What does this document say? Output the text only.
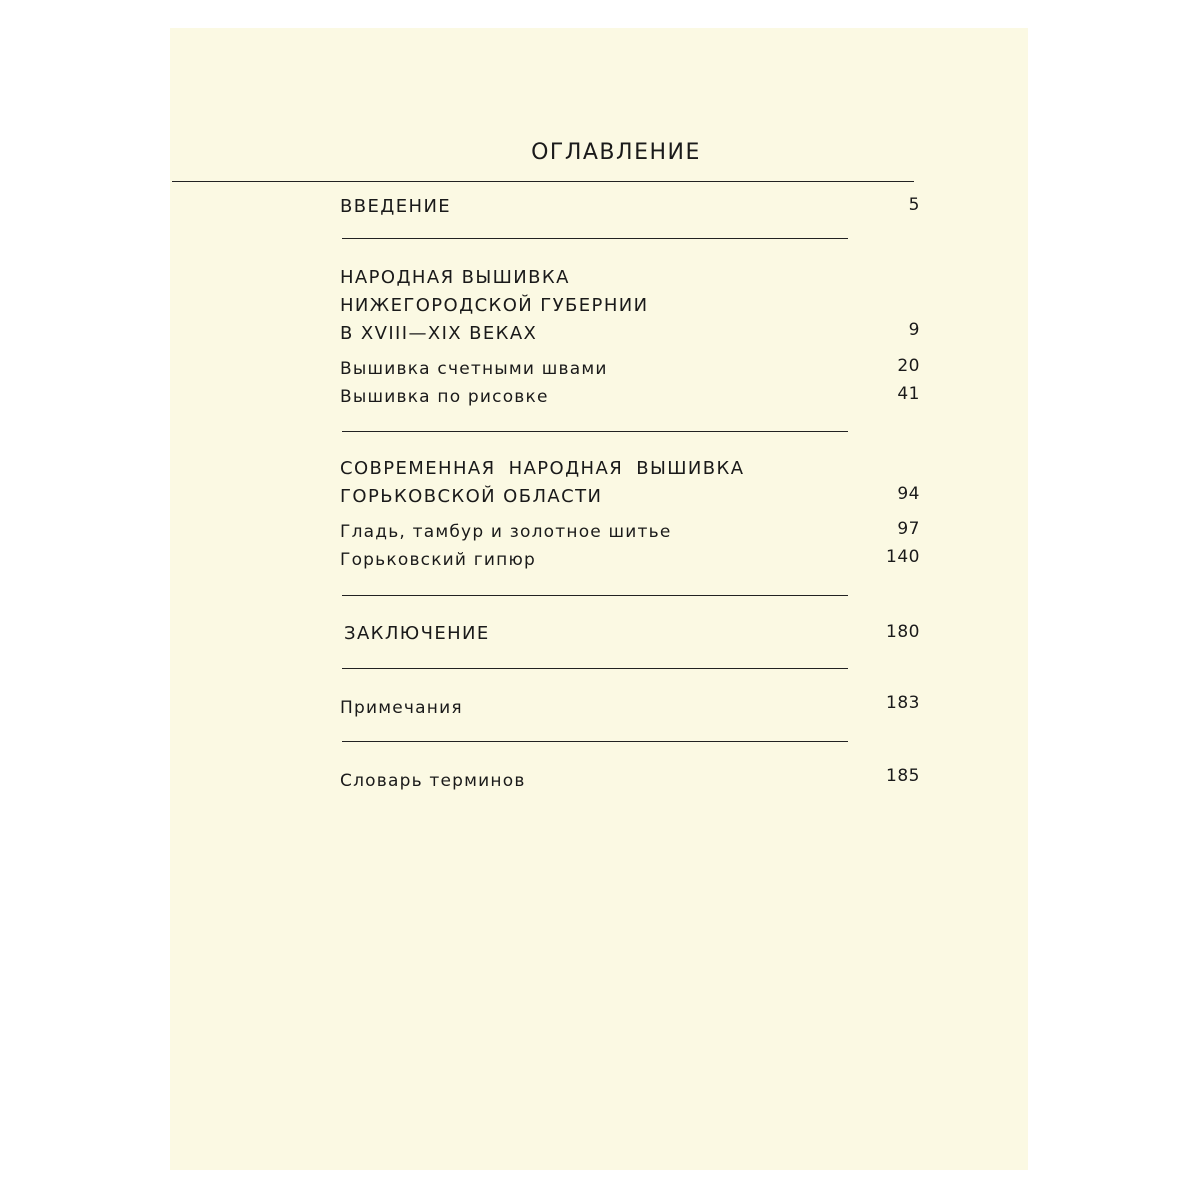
ОГЛАВЛЕНИЕ
ВВЕДЕНИЕ	5
НАРОДНАЯ ВЫШИВКА
НИЖЕГОРОДСКОЙ ГУБЕРНИИ
В XVIII—XIX ВЕКАХ	9
Вышивка счетными швами	20
Вышивка по рисовке	41
СОВРЕМЕННАЯ НАРОДНАЯ ВЫШИВКА
ГОРЬКОВСКОЙ ОБЛАСТИ	94
Гладь, тамбур и золотное шитье	97
Горьковский гипюр	140
ЗАКЛЮЧЕНИЕ	180
Примечания	183
Словарь терминов	185
